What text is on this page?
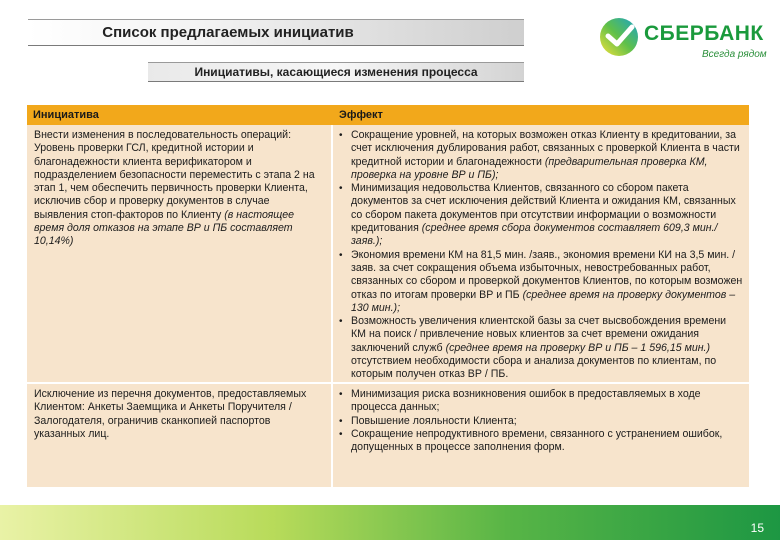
Список предлагаемых инициатив
Инициативы, касающиеся изменения процесса
СБЕРБАНК
Всегда рядом
Инициатива	Эффект
Внести изменения в последовательность операций: Уровень проверки ГСЛ, кредитной истории и благонадежности клиента верификатором и подразделением безопасности переместить с этапа 2 на этап 1, чем обеспечить первичность проверки Клиента, исключив сбор и проверку документов в случае выявления стоп-факторов по Клиенту (в настоящее время доля отказов на этапе ВР и ПБ составляет 10,14%)
• Сокращение уровней, на которых возможен отказ Клиенту в кредитовании, за счет исключения дублирования работ, связанных с проверкой Клиента в части кредитной истории и благонадежности (предварительная проверка КМ, проверка на уровне ВР и ПБ);
• Минимизация недовольства Клиентов, связанного со сбором пакета документов за счет исключения действий Клиента и ожидания КМ, связанных со сбором пакета документов при отсутствии информации о возможности кредитования (среднее время сбора документов составляет 609,3 мин./заяв.);
• Экономия времени КМ на 81,5 мин. /заяв., экономия времени КИ на 3,5 мин. /заяв. за счет сокращения объема избыточных, невостребованных работ, связанных со сбором и проверкой документов Клиентов, по которым возможен отказ по итогам проверки ВР и ПБ (среднее время на проверку документов – 130 мин.);
• Возможность увеличения клиентской базы за счет высвобождения времени КМ на поиск / привлечение новых клиентов за счет времени ожидания заключений служб (среднее время на проверку ВР и ПБ – 1 596,15 мин.) отсутствием необходимости сбора и анализа документов по клиентам, по которым получен отказ ВР / ПБ.
Исключение из перечня документов, предоставляемых Клиентом: Анкеты Заемщика и Анкеты Поручителя / Залогодателя, ограничив сканкопией паспортов указанных лиц.
• Минимизация риска возникновения ошибок в предоставляемых в ходе процесса данных;
• Повышение лояльности Клиента;
• Сокращение непродуктивного времени, связанного с устранением ошибок, допущенных в процессе заполнения форм.
15
